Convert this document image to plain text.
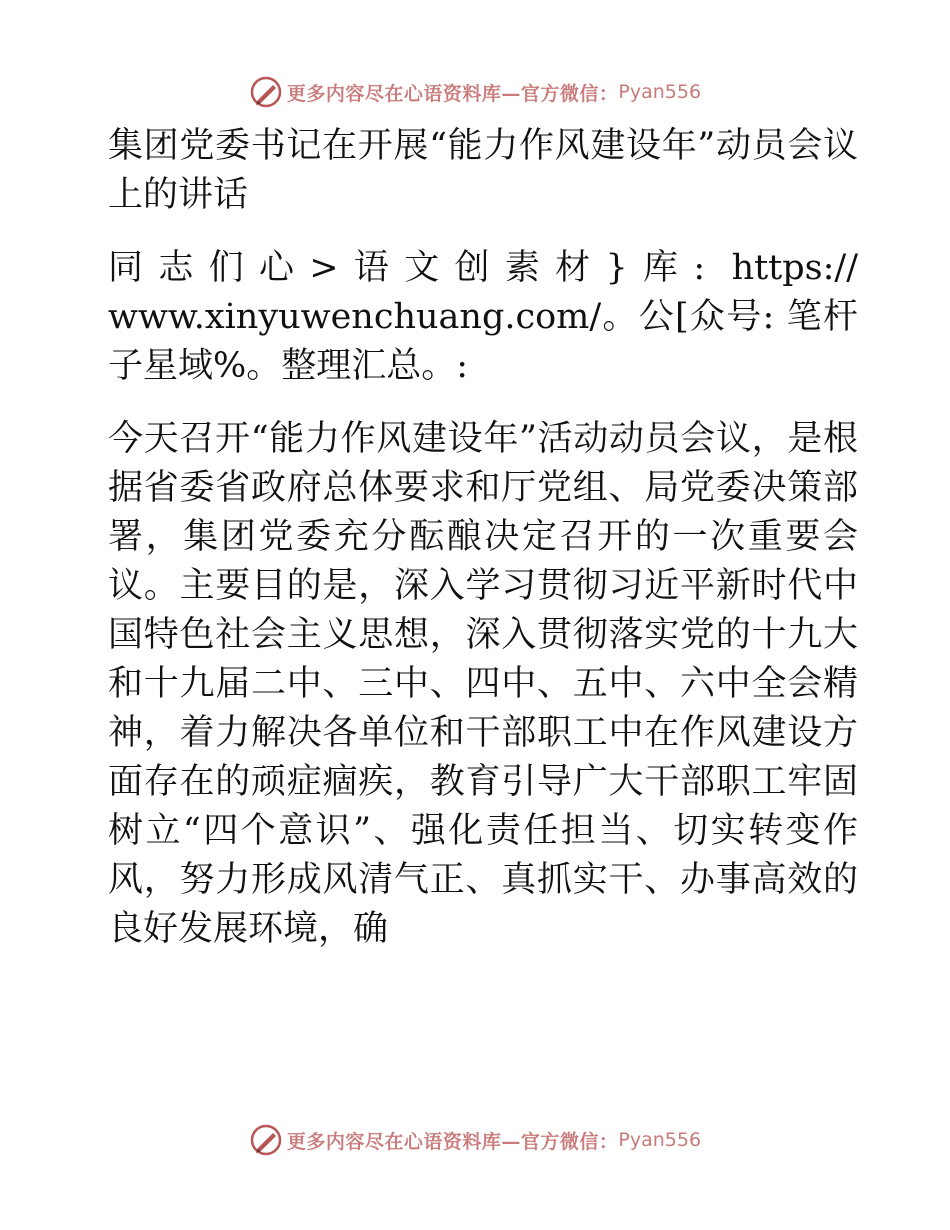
更多内容尽在心语资料库—官方微信： Pyan556

集团党委书记在开展“能力作风建设年”动员会议上的讲话

同志们心>语文创素材}库: https:// www.xinyuwenchuang.com/。公[众号: 笔杆子星域%。整理汇总。:

今天召开“能力作风建设年”活动动员会议，是根据省委省政府总体要求和厅党组、局党委决策部署，集团党委充分酝酿决定召开的一次重要会议。主要目的是，深入学习贯彻习近平新时代中国特色社会主义思想，深入贯彻落实党的十九大和十九届二中、三中、四中、五中、六中全会精神，着力解决各单位和干部职工中在作风建设方面存在的顽症痼疾，教育引导广大干部职工牢固树立“四个意识”、强化责任担当、切实转变作风，努力形成风清气正、真抓实干、办事高效的良好发展环境，确

更多内容尽在心语资料库—官方微信： Pyan556
